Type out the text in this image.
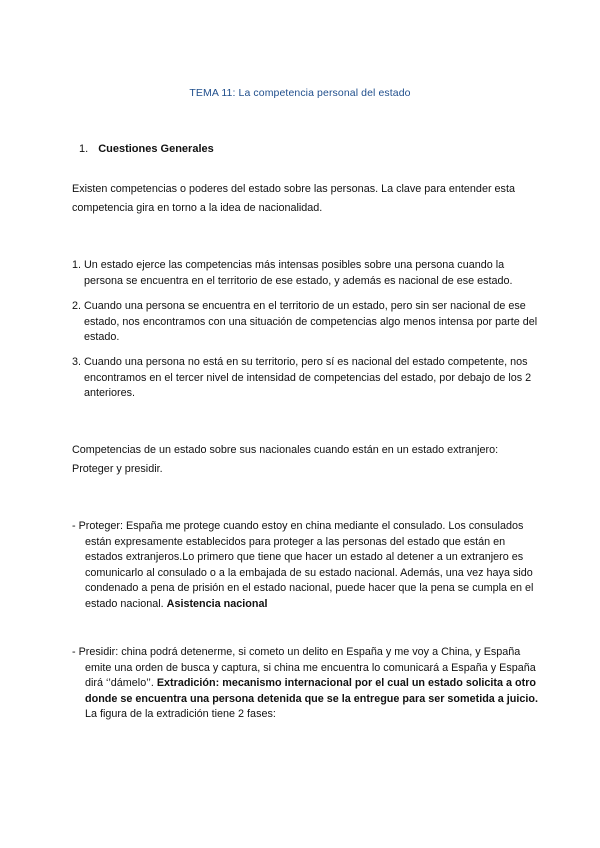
TEMA 11: La competencia personal del estado
1. Cuestiones Generales
Existen competencias o poderes del estado sobre las personas. La clave para entender esta competencia gira en torno a la idea de nacionalidad.
1. Un estado ejerce las competencias más intensas posibles sobre una persona cuando la persona se encuentra en el territorio de ese estado, y además es nacional de ese estado.
2. Cuando una persona se encuentra en el territorio de un estado, pero sin ser nacional de ese estado, nos encontramos con una situación de competencias algo menos intensa por parte del estado.
3. Cuando una persona no está en su territorio, pero sí es nacional del estado competente, nos encontramos en el tercer nivel de intensidad de competencias del estado, por debajo de los 2 anteriores.
Competencias de un estado sobre sus nacionales cuando están en un estado extranjero: Proteger y presidir.
- Proteger: España me protege cuando estoy en china mediante el consulado. Los consulados están expresamente establecidos para proteger a las personas del estado que están en estados extranjeros.Lo primero que tiene que hacer un estado al detener a un extranjero es comunicarlo al consulado o a la embajada de su estado nacional. Además, una vez haya sido condenado a pena de prisión en el estado nacional, puede hacer que la pena se cumpla en el estado nacional. Asistencia nacional
- Presidir: china podrá detenerme, si cometo un delito en España y me voy a China, y España emite una orden de busca y captura, si china me encuentra lo comunicará a España y España dirá ‘’dámelo’’. Extradición: mecanismo internacional por el cual un estado solicita a otro donde se encuentra una persona detenida que se la entregue para ser sometida a juicio. La figura de la extradición tiene 2 fases:
